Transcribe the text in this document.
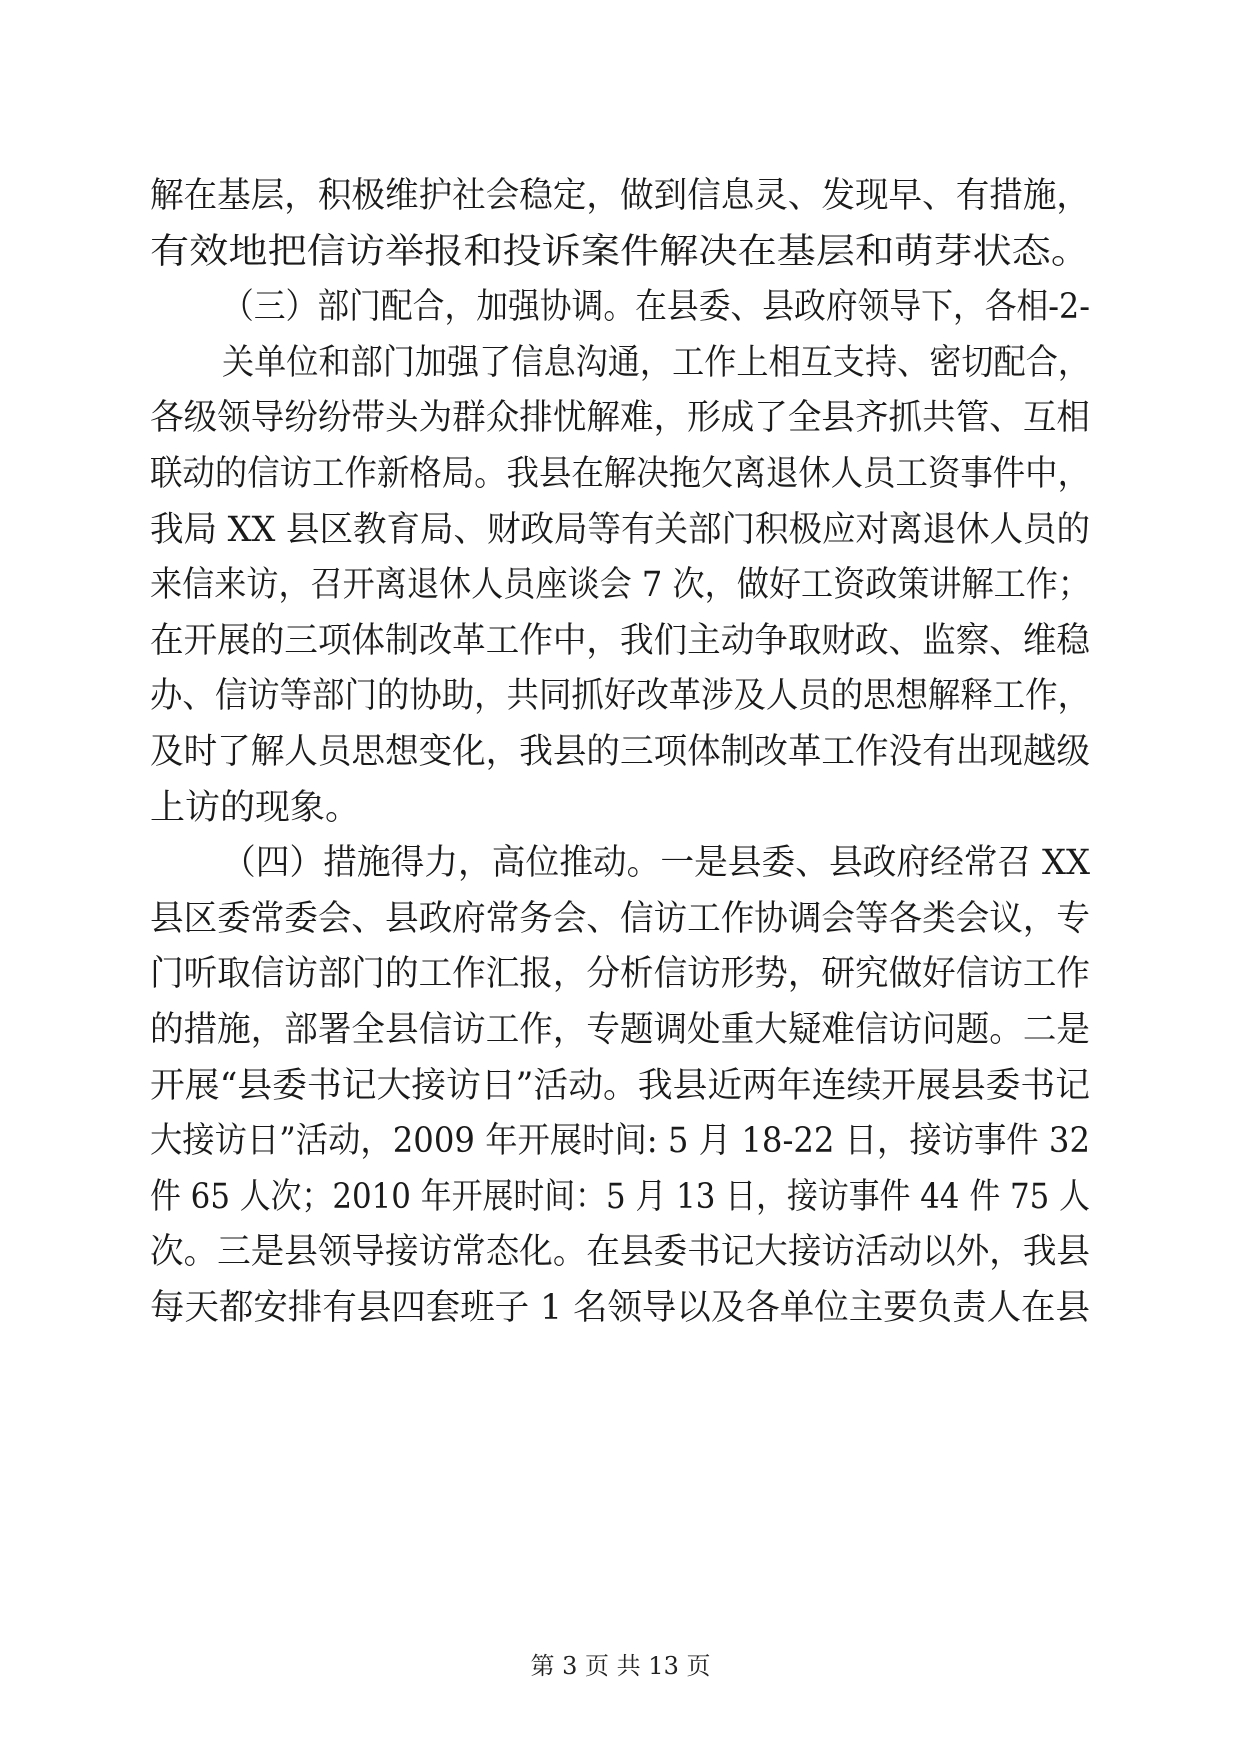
解在基层，积极维护社会稳定，做到信息灵、发现早、有措施，
有效地把信访举报和投诉案件解决在基层和萌芽状态。
（三）部门配合，加强协调。在县委、县政府领导下，各相-2-
关单位和部门加强了信息沟通，工作上相互支持、密切配合，
各级领导纷纷带头为群众排忧解难，形成了全县齐抓共管、互相
联动的信访工作新格局。我县在解决拖欠离退休人员工资事件中，
我局 XX 县区教育局、财政局等有关部门积极应对离退休人员的
来信来访，召开离退休人员座谈会 7 次，做好工资政策讲解工作；
在开展的三项体制改革工作中，我们主动争取财政、监察、维稳
办、信访等部门的协助，共同抓好改革涉及人员的思想解释工作，
及时了解人员思想变化，我县的三项体制改革工作没有出现越级
上访的现象。
（四）措施得力，高位推动。一是县委、县政府经常召 XX
县区委常委会、县政府常务会、信访工作协调会等各类会议，专
门听取信访部门的工作汇报，分析信访形势，研究做好信访工作
的措施，部署全县信访工作，专题调处重大疑难信访问题。二是
开展“县委书记大接访日”活动。我县近两年连续开展县委书记
大接访日”活动，2009 年开展时间: 5 月 18-22 日，接访事件 32
件 65 人次；2010 年开展时间：5 月 13 日，接访事件 44 件 75 人
次。三是县领导接访常态化。在县委书记大接访活动以外，我县
每天都安排有县四套班子 1 名领导以及各单位主要负责人在县
第 3 页 共 13 页
